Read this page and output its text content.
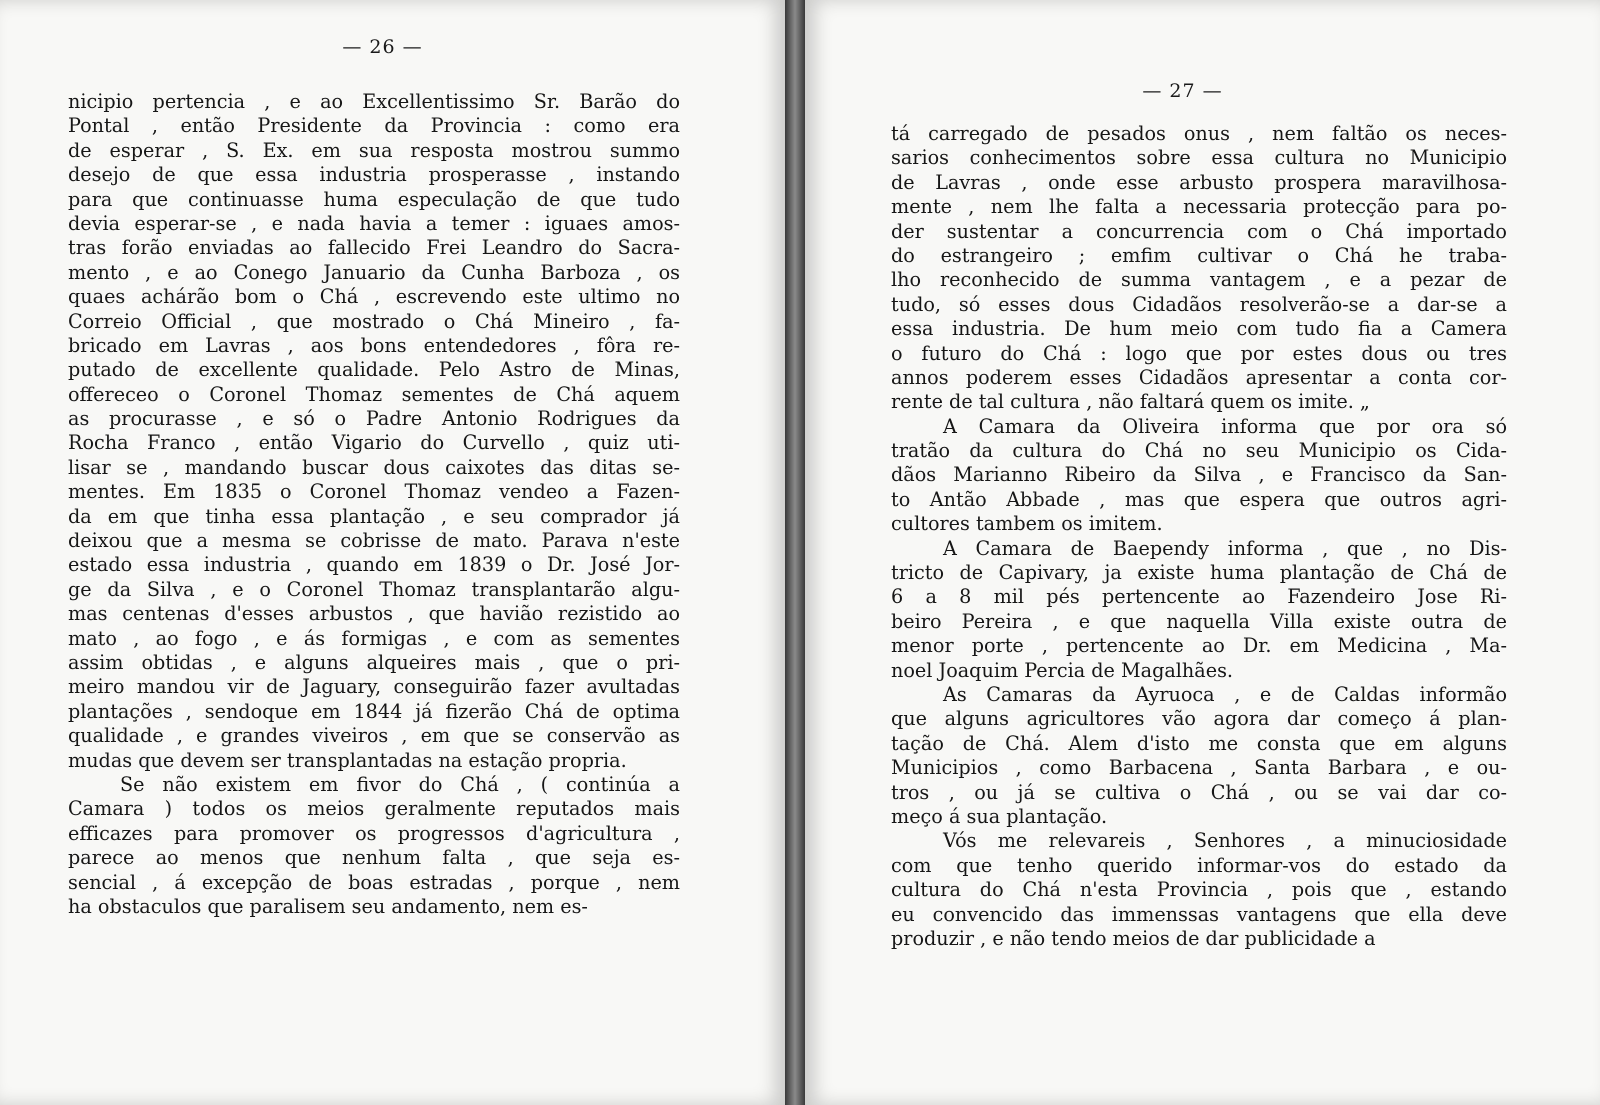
— 26 —
nicipio pertencia , e ao Excellentissimo Sr. Barão do
Pontal , então Presidente da Provincia : como era
de esperar , S. Ex. em sua resposta mostrou summo
desejo de que essa industria prosperasse , instando
para que continuasse huma especulação de que tudo
devia esperar-se , e nada havia a temer : iguaes amos-
tras forão enviadas ao fallecido Frei Leandro do Sacra-
mento , e ao Conego Januario da Cunha Barboza , os
quaes achárão bom o Chá , escrevendo este ultimo no
Correio Official , que mostrado o Chá Mineiro , fa-
bricado em Lavras , aos bons entendedores , fôra re-
putado de excellente qualidade. Pelo Astro de Minas,
offereceo o Coronel Thomaz sementes de Chá aquem
as procurasse , e só o Padre Antonio Rodrigues da
Rocha Franco , então Vigario do Curvello , quiz uti-
lisar se , mandando buscar dous caixotes das ditas se-
mentes. Em 1835 o Coronel Thomaz vendeo a Fazen-
da em que tinha essa plantação , e seu comprador já
deixou que a mesma se cobrisse de mato. Parava n'este
estado essa industria , quando em 1839 o Dr. José Jor-
ge da Silva , e o Coronel Thomaz transplantarão algu-
mas centenas d'esses arbustos , que havião rezistido ao
mato , ao fogo , e ás formigas , e com as sementes
assim obtidas , e alguns alqueires mais , que o pri-
meiro mandou vir de Jaguary, conseguirão fazer avultadas
plantações , sendoque em 1844 já fizerão Chá de optima
qualidade , e grandes viveiros , em que se conservão as
mudas que devem ser transplantadas na estação propria.
Se não existem em fivor do Chá , ( continúa a
Camara ) todos os meios geralmente reputados mais
efficazes para promover os progressos d'agricultura ,
parece ao menos que nenhum falta , que seja es-
sencial , á excepção de boas estradas , porque , nem
ha obstaculos que paralisem seu andamento, nem es-
— 27 —
tá carregado de pesados onus , nem faltão os neces-
sarios conhecimentos sobre essa cultura no Municipio
de Lavras , onde esse arbusto prospera maravilhosa-
mente , nem lhe falta a necessaria protecção para po-
der sustentar a concurrencia com o Chá importado
do estrangeiro ; emfim cultivar o Chá he traba-
lho reconhecido de summa vantagem , e a pezar de
tudo, só esses dous Cidadãos resolverão-se a dar-se a
essa industria. De hum meio com tudo fia a Camera
o futuro do Chá : logo que por estes dous ou tres
annos poderem esses Cidadãos apresentar a conta cor-
rente de tal cultura , não faltará quem os imite. „
A Camara da Oliveira informa que por ora só
tratão da cultura do Chá no seu Municipio os Cida-
dãos Marianno Ribeiro da Silva , e Francisco da San-
to Antão Abbade , mas que espera que outros agri-
cultores tambem os imitem.
A Camara de Baependy informa , que , no Dis-
tricto de Capivary, ja existe huma plantação de Chá de
6 a 8 mil pés pertencente ao Fazendeiro Jose Ri-
beiro Pereira , e que naquella Villa existe outra de
menor porte , pertencente ao Dr. em Medicina , Ma-
noel Joaquim Percia de Magalhães.
As Camaras da Ayruoca , e de Caldas informão
que alguns agricultores vão agora dar começo á plan-
tação de Chá. Alem d'isto me consta que em alguns
Municipios , como Barbacena , Santa Barbara , e ou-
tros , ou já se cultiva o Chá , ou se vai dar co-
meço á sua plantação.
Vós me relevareis , Senhores , a minuciosidade
com que tenho querido informar-vos do estado da
cultura do Chá n'esta Provincia , pois que , estando
eu convencido das immenssas vantagens que ella deve
produzir , e não tendo meios de dar publicidade a
